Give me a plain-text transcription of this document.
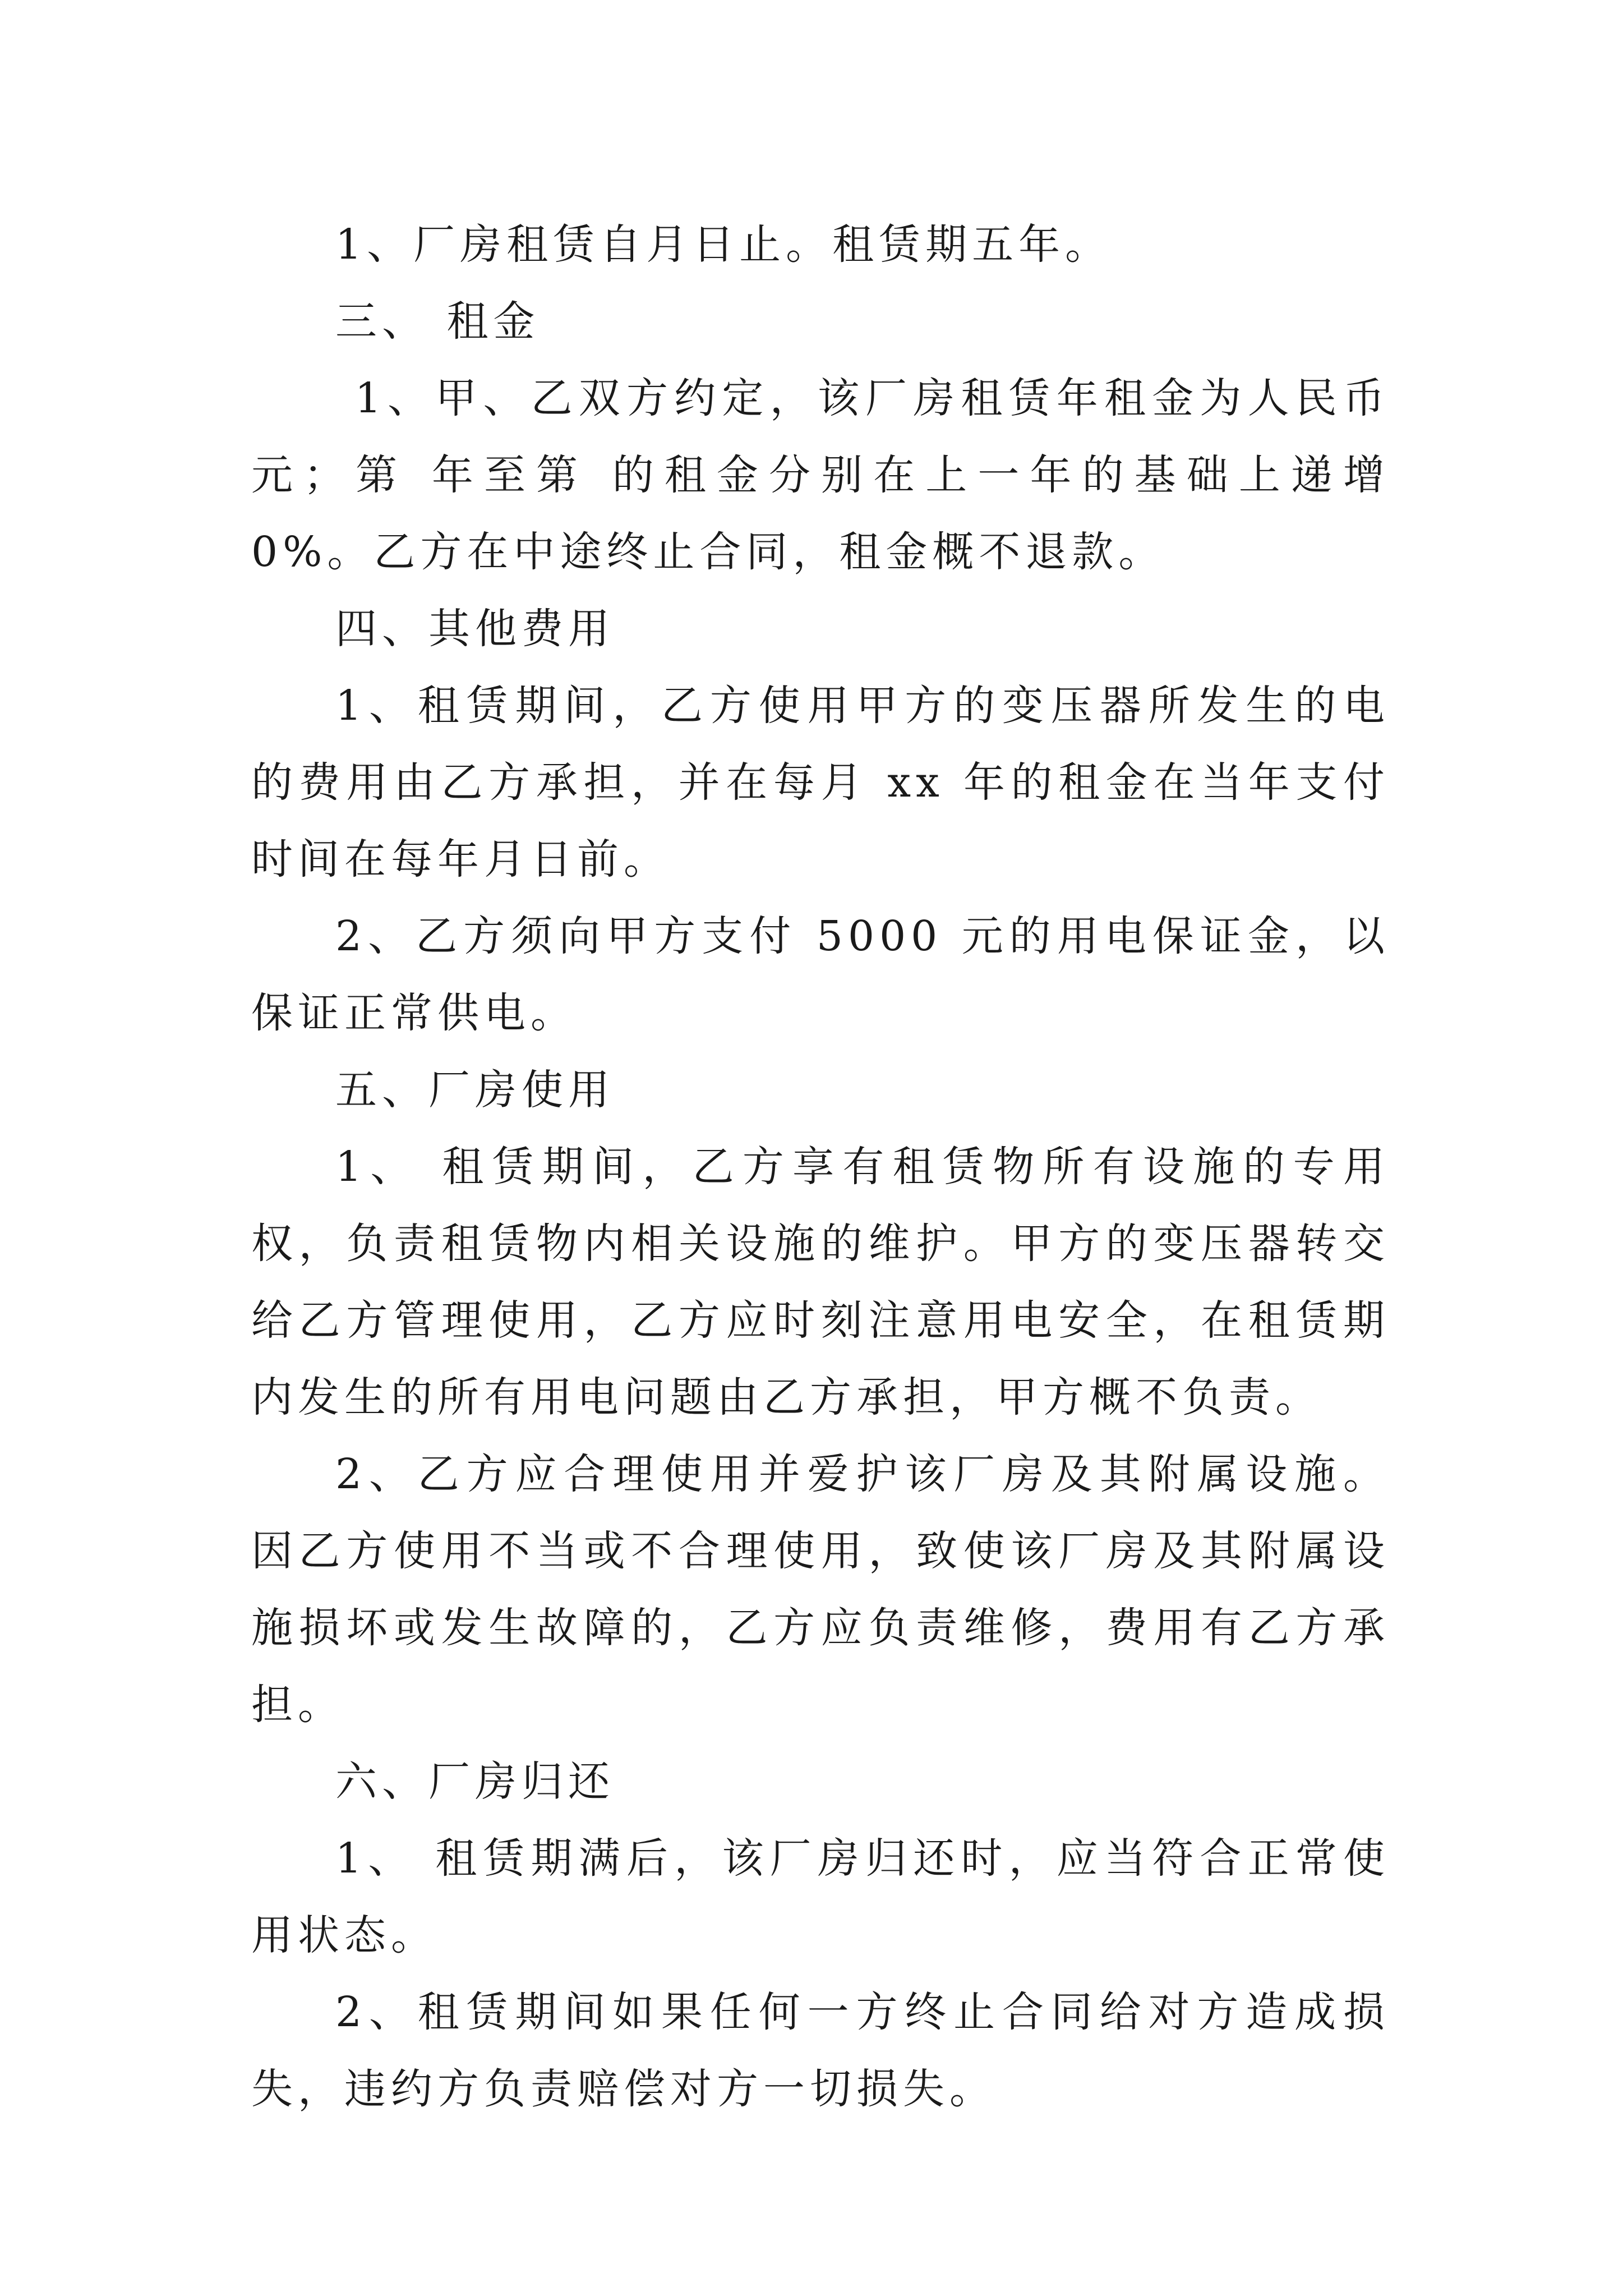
1、厂房租赁自月日止。租赁期五年。

三、 租金

1、甲、乙双方约定，该厂房租赁年租金为人民币元；第 年至第 的租金分别在上一年的基础上递增 0%。乙方在中途终止合同，租金概不退款。

四、其他费用

1、租赁期间，乙方使用甲方的变压器所发生的电的费用由乙方承担，并在每月 xx 年的租金在当年支付时间在每年月日前。

2、乙方须向甲方支付 5000 元的用电保证金，以保证正常供电。

五、厂房使用

1、 租赁期间，乙方享有租赁物所有设施的专用权，负责租赁物内相关设施的维护。甲方的变压器转交给乙方管理使用，乙方应时刻注意用电安全，在租赁期内发生的所有用电问题由乙方承担，甲方概不负责。

2、乙方应合理使用并爱护该厂房及其附属设施。因乙方使用不当或不合理使用，致使该厂房及其附属设施损坏或发生故障的，乙方应负责维修，费用有乙方承担。

六、厂房归还

1、 租赁期满后，该厂房归还时，应当符合正常使用状态。

2、租赁期间如果任何一方终止合同给对方造成损失，违约方负责赔偿对方一切损失。
